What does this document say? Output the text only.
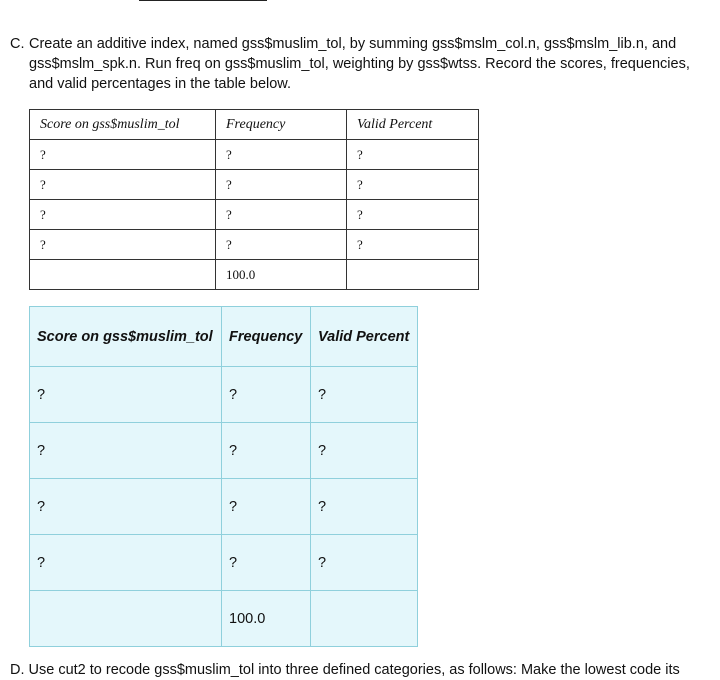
C. Create an additive index, named gss$muslim_tol, by summing gss$mslm_col.n, gss$mslm_lib.n, and gss$mslm_spk.n. Run freq on gss$muslim_tol, weighting by gss$wtss. Record the scores, frequencies, and valid percentages in the table below.
Score on gss$muslim_tol	Frequency	Valid Percent
?	?	?
?	?	?
?	?	?
?	?	?
	100.0	
Score on gss$muslim_tol	Frequency	Valid Percent
?	?	?
?	?	?
?	?	?
?	?	?
	100.0	
D. Use cut2 to recode gss$muslim_tol into three defined categories, as follows: Make the lowest code its
